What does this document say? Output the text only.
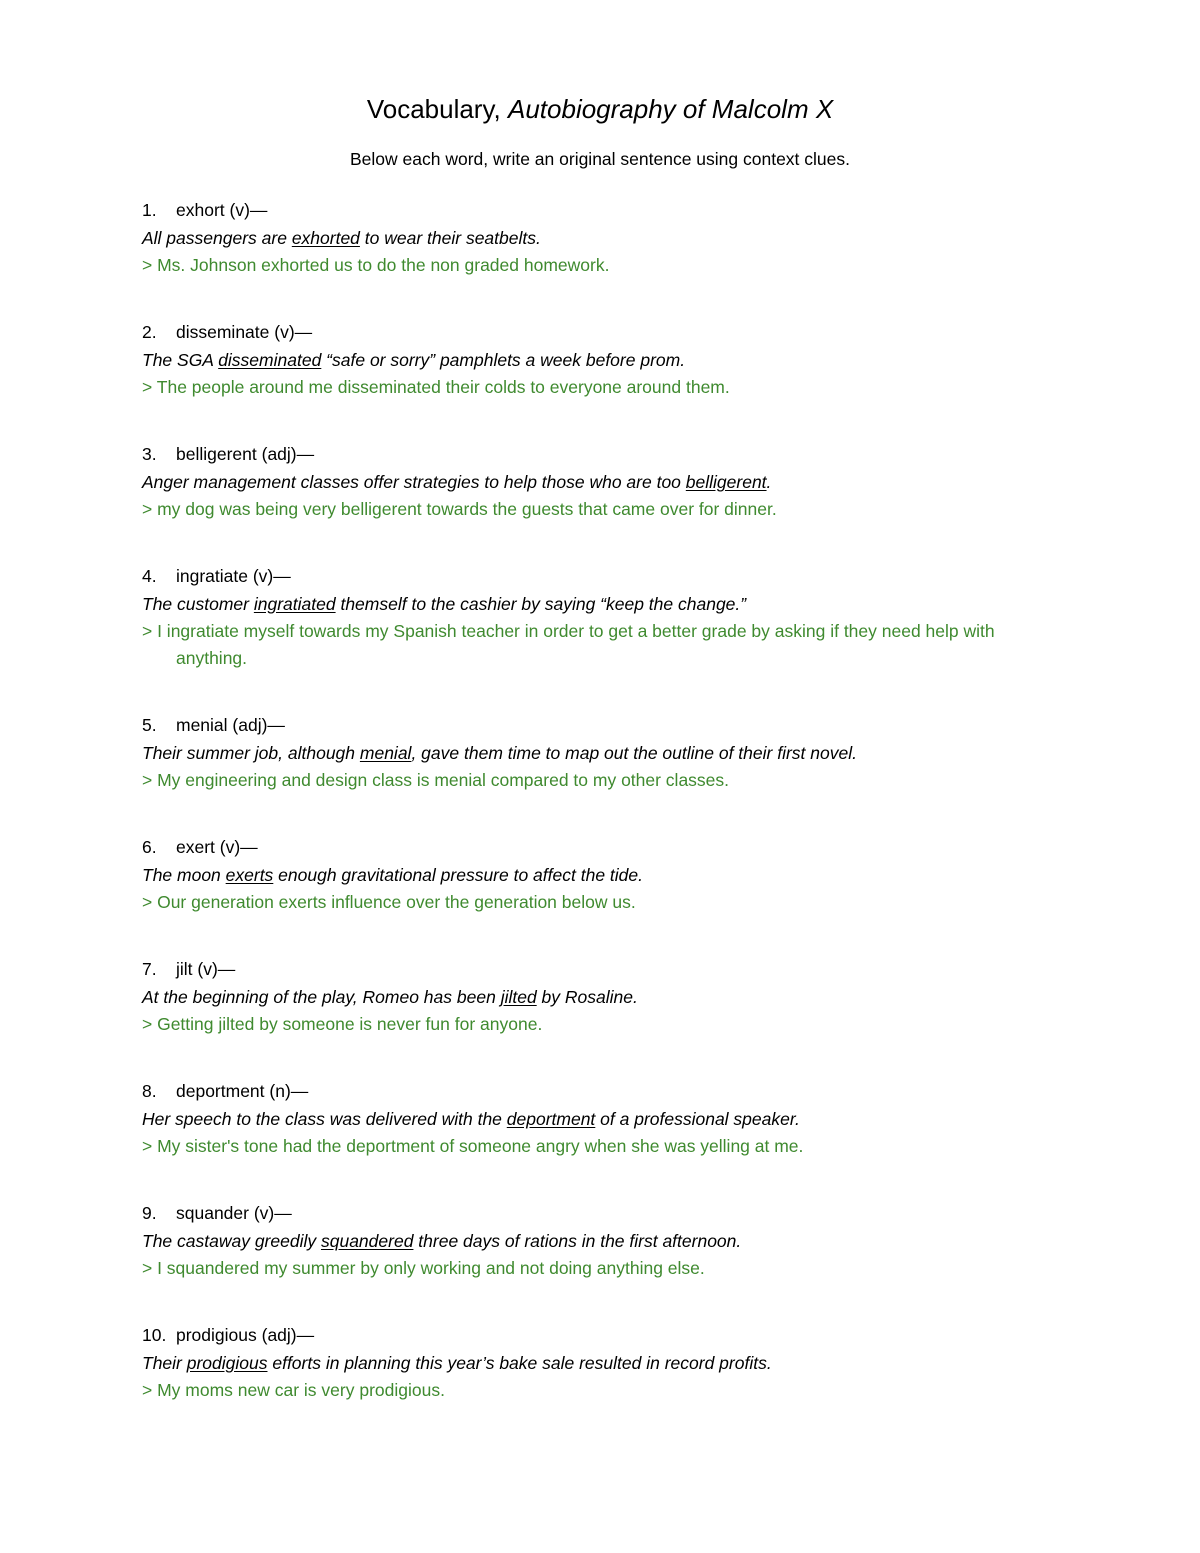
Vocabulary, Autobiography of Malcolm X

Below each word, write an original sentence using context clues.

1. exhort (v)—
All passengers are exhorted to wear their seatbelts.
> Ms. Johnson exhorted us to do the non graded homework.
2. disseminate (v)—
The SGA disseminated “safe or sorry” pamphlets a week before prom.
> The people around me disseminated their colds to everyone around them.
3. belligerent (adj)—
Anger management classes offer strategies to help those who are too belligerent.
> my dog was being very belligerent towards the guests that came over for dinner.
4. ingratiate (v)—
The customer ingratiated themself to the cashier by saying “keep the change.”
> I ingratiate myself towards my Spanish teacher in order to get a better grade by asking if they need help with anything.
5. menial (adj)—
Their summer job, although menial, gave them time to map out the outline of their first novel.
> My engineering and design class is menial compared to my other classes.
6. exert (v)—
The moon exerts enough gravitational pressure to affect the tide.
> Our generation exerts influence over the generation below us.
7. jilt (v)—
At the beginning of the play, Romeo has been jilted by Rosaline.
> Getting jilted by someone is never fun for anyone.
8. deportment (n)—
Her speech to the class was delivered with the deportment of a professional speaker.
> My sister's tone had the deportment of someone angry when she was yelling at me.
9. squander (v)—
The castaway greedily squandered three days of rations in the first afternoon.
> I squandered my summer by only working and not doing anything else.
10. prodigious (adj)—
Their prodigious efforts in planning this year’s bake sale resulted in record profits.
> My moms new car is very prodigious.
